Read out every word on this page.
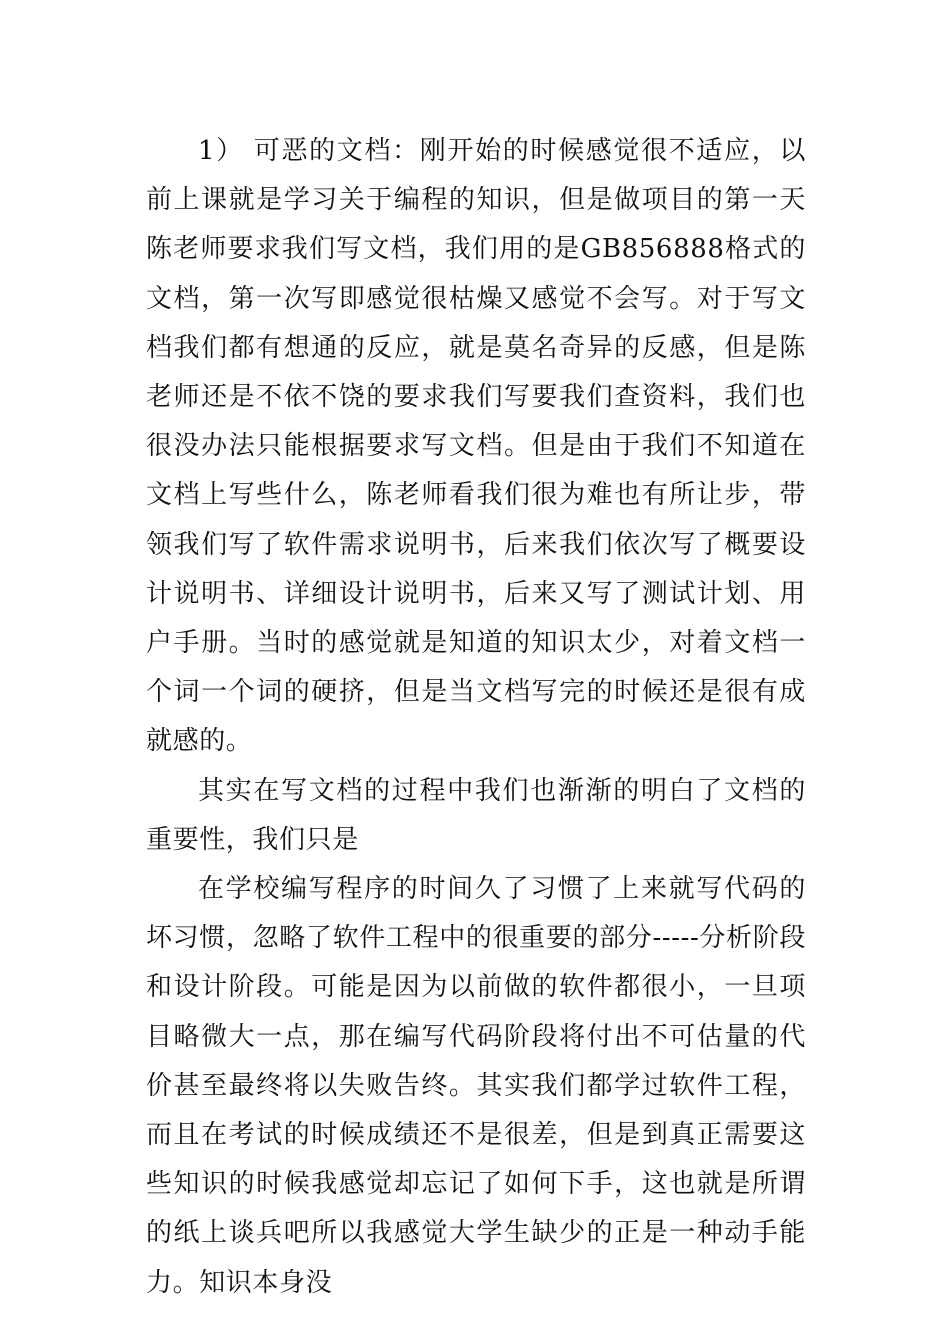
1） 可恶的文档：刚开始的时候感觉很不适应，以前上课就是学习关于编程的知识，但是做项目的第一天陈老师要求我们写文档，我们用的是GB856888格式的文档，第一次写即感觉很枯燥又感觉不会写。对于写文档我们都有想通的反应，就是莫名奇异的反感，但是陈老师还是不依不饶的要求我们写要我们查资料，我们也很没办法只能根据要求写文档。但是由于我们不知道在文档上写些什么，陈老师看我们很为难也有所让步，带领我们写了软件需求说明书，后来我们依次写了概要设计说明书、详细设计说明书，后来又写了测试计划、用户手册。当时的感觉就是知道的知识太少，对着文档一个词一个词的硬挤，但是当文档写完的时候还是很有成就感的。

其实在写文档的过程中我们也渐渐的明白了文档的重要性，我们只是

在学校编写程序的时间久了习惯了上来就写代码的坏习惯，忽略了软件工程中的很重要的部分-----分析阶段和设计阶段。可能是因为以前做的软件都很小，一旦项目略微大一点，那在编写代码阶段将付出不可估量的代价甚至最终将以失败告终。其实我们都学过软件工程，而且在考试的时候成绩还不是很差，但是到真正需要这些知识的时候我感觉却忘记了如何下手，这也就是所谓的纸上谈兵吧所以我感觉大学生缺少的正是一种动手能力。知识本身没
